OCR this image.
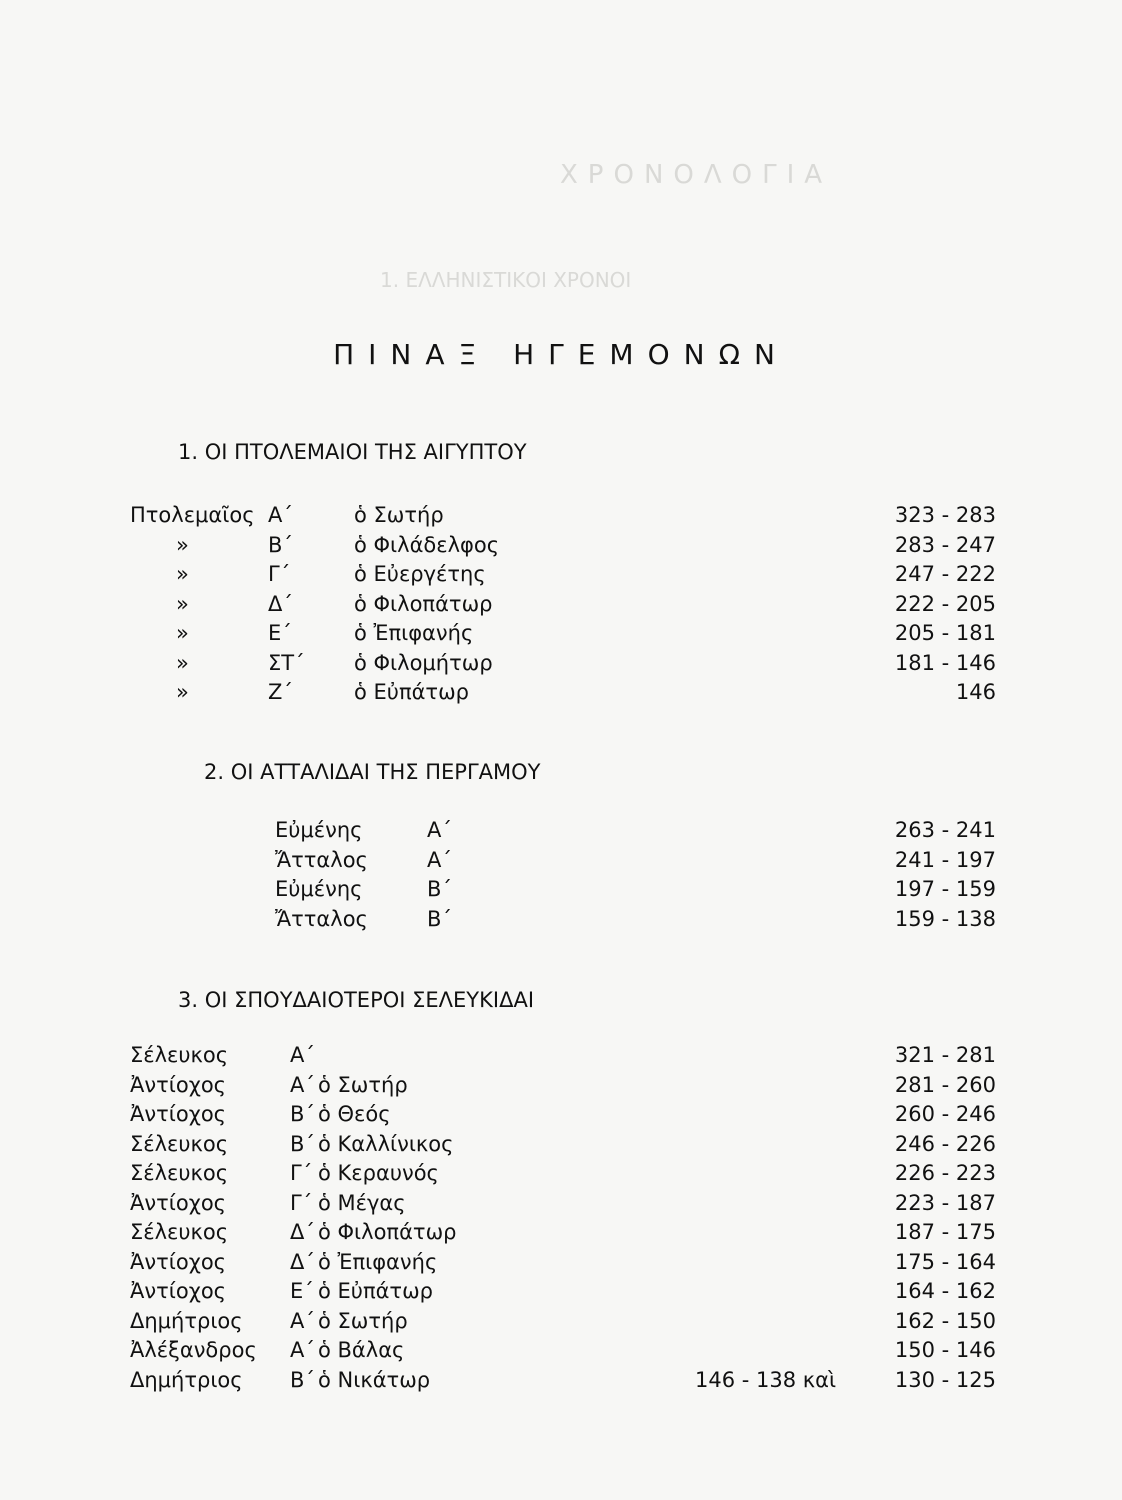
ΧΡΟΝΟΛΟΓΙΑ
1. ΕΛΛΗΝΙΣΤΙΚΟΙ ΧΡΟΝΟΙ
ΠΙΝΑΞ ΗΓΕΜΟΝΩΝ
1. ΟΙ ΠΤΟΛΕΜΑΙΟΙ ΤΗΣ ΑΙΓΥΠΤΟΥ
Πτολεμαῖος Α΄	ὁ Σωτήρ	323 - 283
»	Β΄	ὁ Φιλάδελφος	283 - 247
»	Γ΄	ὁ Εὐεργέτης	247 - 222
»	Δ΄	ὁ Φιλοπάτωρ	222 - 205
»	Ε΄	ὁ Ἐπιφανής	205 - 181
»	ΣΤ΄ ὁ Φιλομήτωρ	181 - 146
»	Ζ΄	ὁ Εὐπάτωρ	146
2. ΟΙ ΑΤΤΑΛΙΔΑΙ ΤΗΣ ΠΕΡΓΑΜΟΥ
Εὐμένης	Α΄	263 - 241
Ἄτταλος	Α΄	241 - 197
Εὐμένης	Β΄	197 - 159
Ἄτταλος	Β΄	159 - 138
3. ΟΙ ΣΠΟΥΔΑΙΟΤΕΡΟΙ ΣΕΛΕΥΚΙΔΑΙ
Σέλευκος	Α΄	321 - 281
Ἀντίοχος	Α΄ ὁ Σωτήρ	281 - 260
Ἀντίοχος	Β΄ ὁ Θεός	260 - 246
Σέλευκος	Β΄ ὁ Καλλίνικος	246 - 226
Σέλευκος	Γ΄ ὁ Κεραυνός	226 - 223
Ἀντίοχος	Γ΄ ὁ Μέγας	223 - 187
Σέλευκος	Δ΄ ὁ Φιλοπάτωρ	187 - 175
Ἀντίοχος	Δ΄ ὁ Ἐπιφανής	175 - 164
Ἀντίοχος	Ε΄ ὁ Εὐπάτωρ	164 - 162
Δημήτριος Α΄ ὁ Σωτήρ	162 - 150
Ἀλέξανδρος Α΄ ὁ Βάλας	150 - 146
Δημήτριος Β΄ ὁ Νικάτωρ	146 - 138 καὶ	130 - 125
